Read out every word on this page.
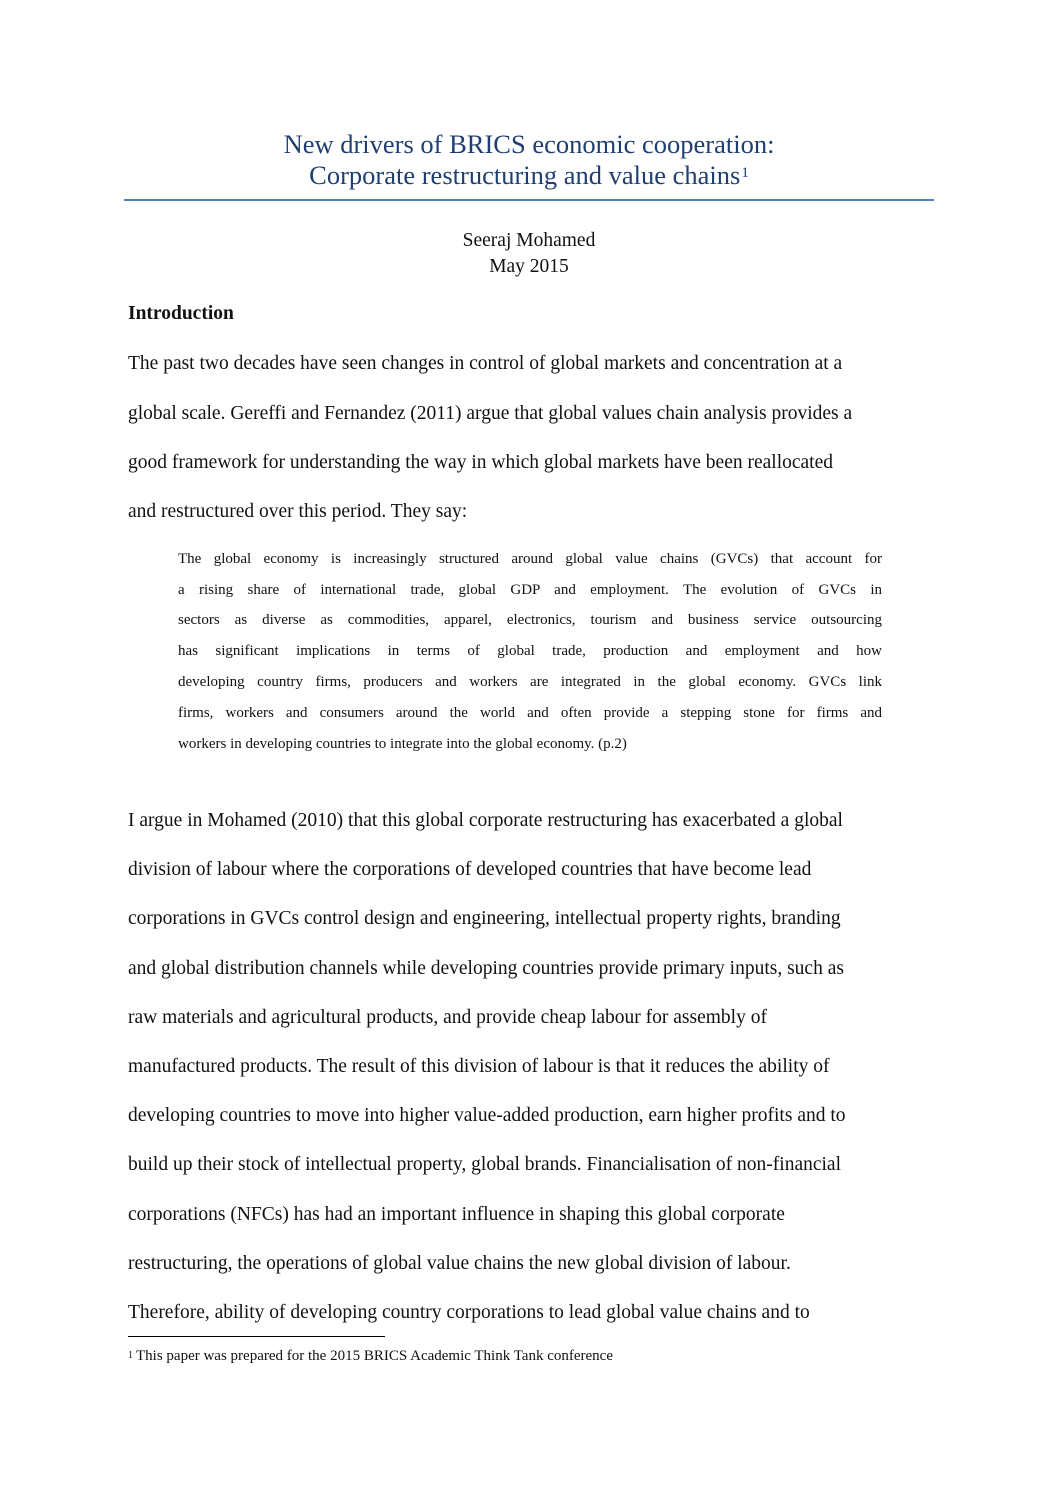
New drivers of BRICS economic cooperation:
Corporate restructuring and value chains$^1$
Seeraj Mohamed
May 2015
Introduction
The past two decades have seen changes in control of global markets and concentration at a
global scale. Gereffi and Fernandez (2011) argue that global values chain analysis provides a
good framework for understanding the way in which global markets have been reallocated
and restructured over this period. They say:
The global economy is increasingly structured around global value chains (GVCs) that account for
a rising share of international trade, global GDP and employment. The evolution of GVCs in
sectors as diverse as commodities, apparel, electronics, tourism and business service outsourcing
has significant implications in terms of global trade, production and employment and how
developing country firms, producers and workers are integrated in the global economy. GVCs link
firms, workers and consumers around the world and often provide a stepping stone for firms and
workers in developing countries to integrate into the global economy. (p.2)
I argue in Mohamed (2010) that this global corporate restructuring has exacerbated a global
division of labour where the corporations of developed countries that have become lead
corporations in GVCs control design and engineering, intellectual property rights, branding
and global distribution channels while developing countries provide primary inputs, such as
raw materials and agricultural products, and provide cheap labour for assembly of
manufactured products. The result of this division of labour is that it reduces the ability of
developing countries to move into higher value-added production, earn higher profits and to
build up their stock of intellectual property, global brands. Financialisation of non-financial
corporations (NFCs) has had an important influence in shaping this global corporate
restructuring, the operations of global value chains the new global division of labour.
Therefore, ability of developing country corporations to lead global value chains and to
$^1$ This paper was prepared for the 2015 BRICS Academic Think Tank conference
